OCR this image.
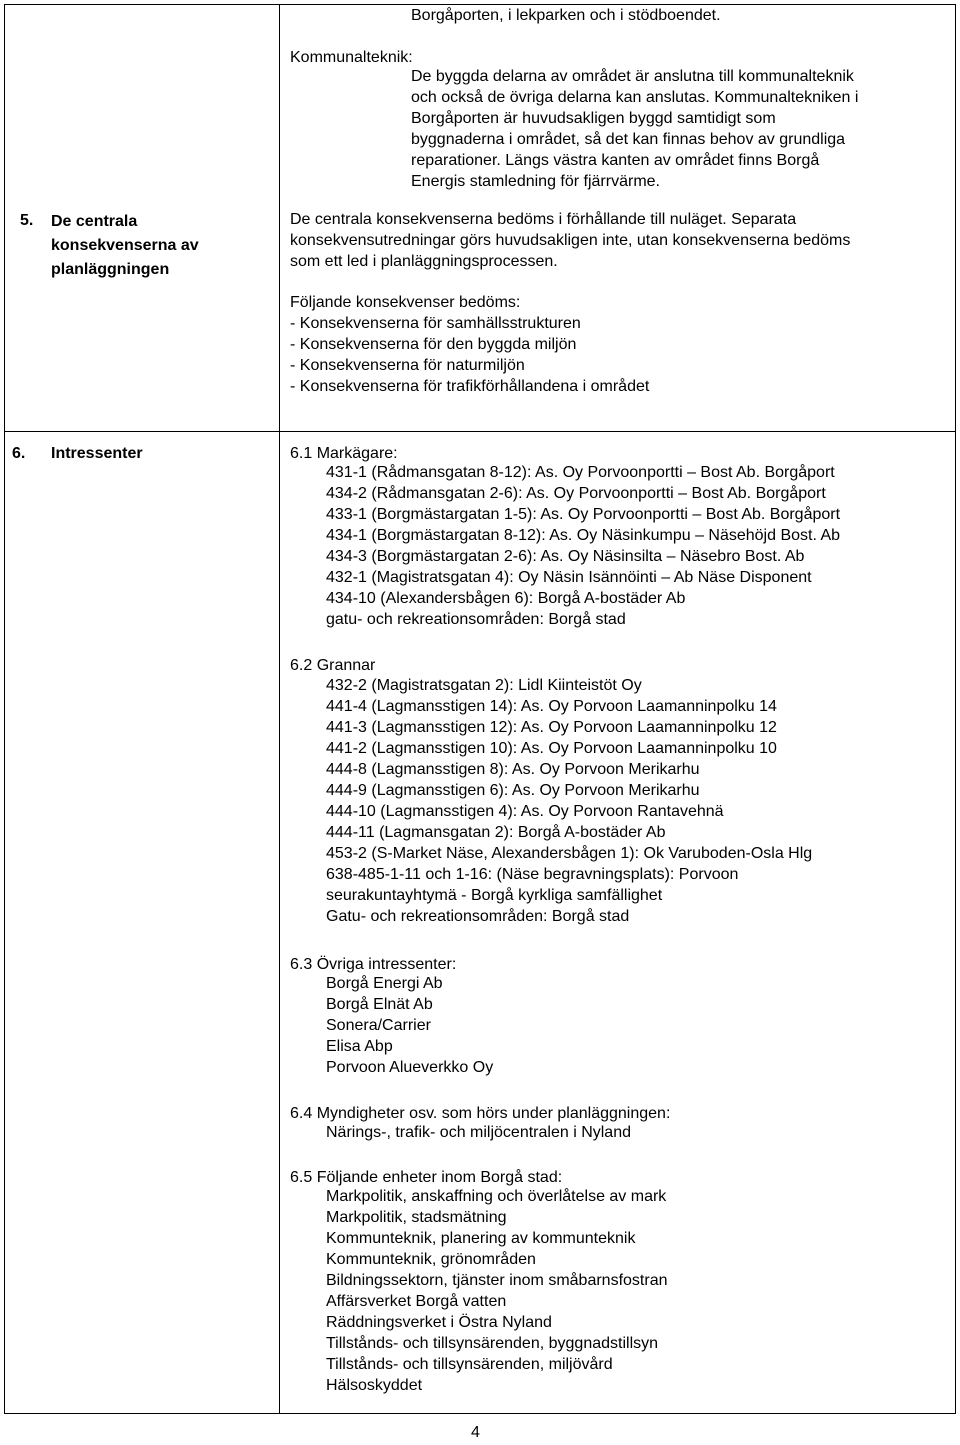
Borgåporten, i lekparken och i stödboendet.
Kommunalteknik:
De byggda delarna av området är anslutna till kommunalteknik
och också de övriga delarna kan anslutas. Kommunaltekniken i
Borgåporten är huvudsakligen byggd samtidigt som
byggnaderna i området, så det kan finnas behov av grundliga
reparationer. Längs västra kanten av området finns Borgå
Energis stamledning för fjärrvärme.
5. De centrala
konsekvenserna av
planläggningen
De centrala konsekvenserna bedöms i förhållande till nuläget. Separata
konsekvensutredningar görs huvudsakligen inte, utan konsekvenserna bedöms
som ett led i planläggningsprocessen.
Följande konsekvenser bedöms:
- Konsekvenserna för samhällsstrukturen
- Konsekvenserna för den byggda miljön
- Konsekvenserna för naturmiljön
- Konsekvenserna för trafikförhållandena i området
6. Intressenter	6.1 Markägare:
431-1 (Rådmansgatan 8-12): As. Oy Porvoonportti – Bost Ab. Borgåport
434-2 (Rådmansgatan 2-6): As. Oy Porvoonportti – Bost Ab. Borgåport
433-1 (Borgmästargatan 1-5): As. Oy Porvoonportti – Bost Ab. Borgåport
434-1 (Borgmästargatan 8-12): As. Oy Näsinkumpu – Näsehöjd Bost. Ab
434-3 (Borgmästargatan 2-6): As. Oy Näsinsilta – Näsebro Bost. Ab
432-1 (Magistratsgatan 4): Oy Näsin Isännöinti – Ab Näse Disponent
434-10 (Alexandersbågen 6): Borgå A-bostäder Ab
gatu- och rekreationsområden: Borgå stad
6.2 Grannar
432-2 (Magistratsgatan 2): Lidl Kiinteistöt Oy
441-4 (Lagmansstigen 14): As. Oy Porvoon Laamanninpolku 14
441-3 (Lagmansstigen 12): As. Oy Porvoon Laamanninpolku 12
441-2 (Lagmansstigen 10): As. Oy Porvoon Laamanninpolku 10
444-8 (Lagmansstigen 8): As. Oy Porvoon Merikarhu
444-9 (Lagmansstigen 6): As. Oy Porvoon Merikarhu
444-10 (Lagmansstigen 4): As. Oy Porvoon Rantavehnä
444-11 (Lagmansgatan 2): Borgå A-bostäder Ab
453-2 (S-Market Näse, Alexandersbågen 1): Ok Varuboden-Osla Hlg
638-485-1-11 och 1-16: (Näse begravningsplats): Porvoon
seurakuntayhtymä - Borgå kyrkliga samfällighet
Gatu- och rekreationsområden: Borgå stad
6.3 Övriga intressenter:
Borgå Energi Ab
Borgå Elnät Ab
Sonera/Carrier
Elisa Abp
Porvoon Alueverkko Oy
6.4 Myndigheter osv. som hörs under planläggningen:
Närings-, trafik- och miljöcentralen i Nyland
6.5 Följande enheter inom Borgå stad:
Markpolitik, anskaffning och överlåtelse av mark
Markpolitik, stadsmätning
Kommunteknik, planering av kommunteknik
Kommunteknik, grönområden
Bildningssektorn, tjänster inom småbarnsfostran
Affärsverket Borgå vatten
Räddningsverket i Östra Nyland
Tillstånds- och tillsynsärenden, byggnadstillsyn
Tillstånds- och tillsynsärenden, miljövård
Hälsoskyddet
4
